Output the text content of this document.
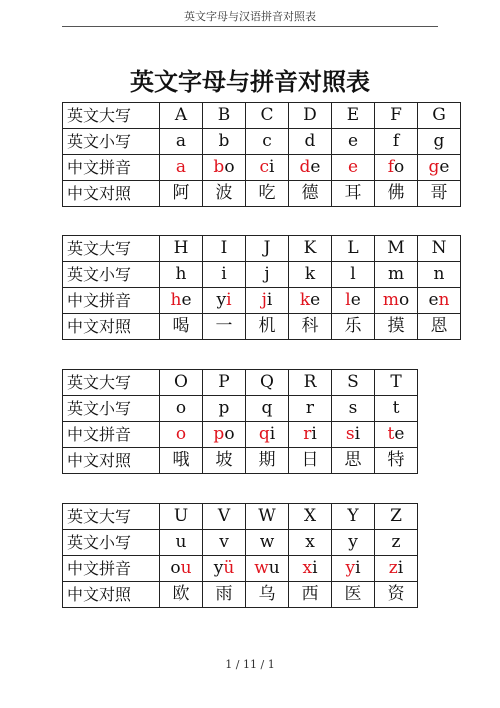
英文字母与汉语拼音对照表
英文字母与拼音对照表
英文大写	A	B	C	D	E	F	G
英文小写	a	b	c	d	e	f	g
中文拼音	a	bo	ci	de	e	fo	ge
中文对照	阿	波	吃	德	耳	佛	哥
英文大写	H	I	J	K	L	M	N
英文小写	h	i	j	k	l	m	n
中文拼音	he	yi	ji	ke	le	mo	en
中文对照	喝	一	机	科	乐	摸	恩
英文大写	O	P	Q	R	S	T
英文小写	o	p	q	r	s	t
中文拼音	o	po	qi	ri	si	te
中文对照	哦	坡	期	日	思	特
英文大写	U	V	W	X	Y	Z
英文小写	u	v	w	x	y	z
中文拼音	ou	yü	wu	xi	yi	zi
中文对照	欧	雨	乌	西	医	资
1 / 11 / 1
